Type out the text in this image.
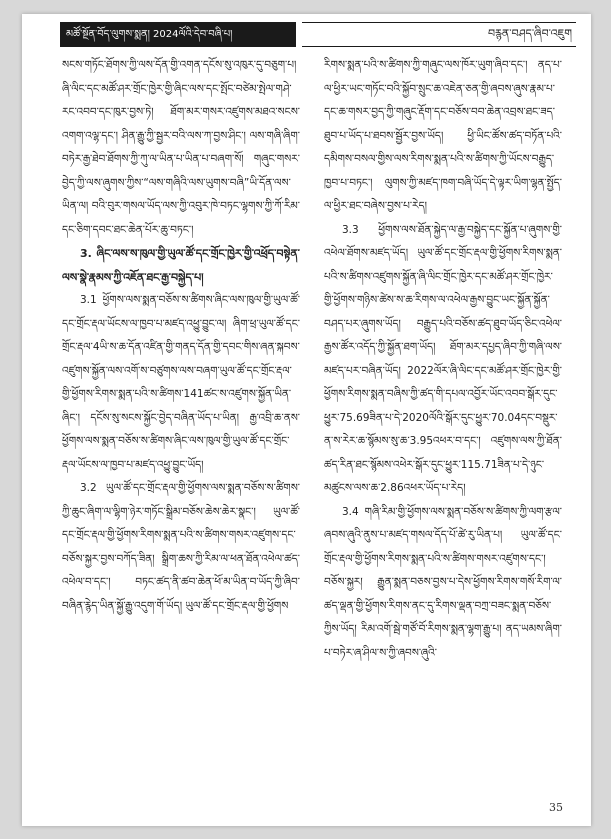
མཚོ་སྔོན་བོད་ལུགས་སྨན། 2024ལོའི་དེབ་བཞི་པ།	བརྙན་བཤད་ཞིབ་འཇུག

སངས་གཏོང་ཐོགས་ཀྱི་ལས་དོན་གྱི་འགན་དངོས་སུ་འཁུར་དུ་བཅུག་པ། ཞི་ལིང་དང་མཚོ་ཤར་གྲོང་ཁྱེར་གྱི་ཞིང་ལས་དང་སྤོང་བཙེམ་སྤེལ་གཤེ་རང་འབབ་དང་ཁུར་བྱས་ཏེ། ཐོག་མར་གསར་འཛུགས་མཐའ་སངས་འགག་འལྷ་དང་། ཤིན་རྒྱུ་ཀྱི་སྦྱར་བའི་ལས་ཀ་བྱས་ཤིང་། ལས་གཞི་ཞིག་བཏེར་རྒྱ་ཐེབ་ཐོགས་ཀྱི་ཀུ་ལ་ཡིན་པ་ཡིན་པ་བཞག་སོ། གཞུང་གསར་བྱེད་ཀྱི་ལས་ཞུགས་ཀྱིས་“ལས་གཞིའི་ལས་ཡུགས་བཞི”ཡི་དོན་ལས་ཡིན་ལ། བའི་བུར་གསལ་ཡོད་ལས་ཀྱི་འབུར་ཁེ་བཏང་ལྷགས་ཀྱི་ཀོ་རིམ་དང་ཅིག་དབང་ཐང་ཆེན་པོར་ཆུ་བཏང་།

3. ཞིང་ལས་ས་ཁུལ་གྱི་ཡུལ་ཚོ་དང་གྲོང་ཁྱེར་གྱི་འཕྲོད་བསྟེན་ལས་སྣེ་རྣམས་ཀྱི་འཇོན་ཐང་རྒྱ་བསྐྱེད་པ།

3.1 ཕྱོགས་ལས་སྨན་བཅོས་ས་ཚིགས་ཞིང་ལས་ཁུལ་གྱི་ཡུལ་ཚོ་དང་གྲོང་རྡལ་ཡོངས་ལ་ཁྱབ་པ་མཛད་འཕྱུ་བྱུང་ལ། ཞིག་ཕྲ་ཡུལ་ཚོ་དང་གྲོང་རྡལ་4ཡི་ས་ཆ་དོན་འཛིན་གྱི་གནད་དོན་གྱི་དབང་གིས་ཞན་སྐབས་འཛུགས་སྐྱོན་ལས་འགོ་ས་བཙུགས་ལས་བཞག་ཡུལ་ཚོ་དང་གྲོང་རྡལ་གྱི་ཕྱོགས་རིགས་སྨན་པའི་ས་ཚིགས་141ཚང་ས་འཛུགས་སྐྱོན་ཡིན་ཞིང་། དངོས་སུ་སངས་སྐྱོང་བྱེད་བཞིན་ཡོད་པ་ཡིན། རྒྱ་འབྲི་ཆ་ནས་ཕྱོགས་ལས་སྨན་བཅོས་ས་ཚིགས་ཞིང་ལས་ཁུལ་གྱི་ཡུལ་ཚོ་དང་གྲོང་རྡལ་ཡོངས་ལ་ཁྱབ་པ་མཛད་འཕྱུ་བྱུང་ཡོད།

3.2 ཡུལ་ཚོ་དང་གྲོང་རྡལ་གྱི་ཕྱོགས་ལས་སྨན་བཅོས་ས་ཚིགས་ཀྱི་ཆུང་ཞིག་ལ་ལྷིག་ཉེར་གཏོང་སྒྲིམ་བཅོས་ཆེས་ཆེར་སྣང་། ཡུལ་ཚོ་དང་གྲོང་རྡལ་གྱི་ཕྱོགས་རིགས་སྨན་པའི་ས་ཚིགས་གསར་འཛུགས་དང་བཅོས་སྐྱར་བྱས་བཀོད་ཟིན། སྒྲིག་ཆས་ཀྱི་རིམ་ལ་ཕན་ཐོན་འཕེལ་ཚད་འཕེལ་བ་དང་། བཏང་ཚད་ནི་ཚབ་ཆེན་ཕོ་མ་ཡིན་བ་ཡོད་ཀྱི་ཞིབ་བཞིན་རྙེད་ཡིན་སྐྱོ་རྒྱུ་འདུག་གོ་ཡོད། ཡུལ་ཚོ་དང་གྲོང་རྡལ་གྱི་ཕྱོགས

རིགས་སྨན་པའི་ས་ཚིགས་ཀྱི་གཞུང་ལས་ཁོར་ཡུག་ཞིབ་དང་། ནད་པ་ལ་ཕྱིར་ཡང་གཏོང་བའི་སྐྱོབ་སྲུང་ཆ་འཇེན་ཅན་གྱི་ཞབས་ཞུས་རྣམ་པ་དང་ཆ་གསར་བྱད་ཀྱི་གཞུང་རྡོག་དང་བཅོས་བབ་ཆེན་འབྲས་ཐང་ཟད་ཐུབ་པ་ཡོད་པ་ཐབས་སྦྱོར་བྱས་ཡོད། ཕྱི་ཡིང་ཚོས་ཚད་བཏོན་པའི་དམིགས་བསལ་གྱིས་ལས་རིགས་སྨན་པའི་ས་ཚིགས་ཀྱི་ཡོངས་བརྒྱུད་ཁྱབ་པ་བཏང་། ལུགས་ཀྱི་མཛད་ཁག་བཞི་ཡོད་དེ་ལྟར་ཡིག་ལྷན་སྤྱོད་ལ་ཕྱིར་ཐང་བཞེས་བྱས་པ་རེད།

3.3 ཕྱོགས་ལས་ཐོན་སྐྱེད་ལ་རྒྱ་བསྐྱེད་དང་སྐྱོན་པ་ཞུགས་གྱི་འཕེལ་ཐོགས་མཛད་ཡོད། ཡུལ་ཚོ་དང་གྲོང་རྡལ་གྱི་ཕྱོགས་རིགས་སྨན་པའི་ས་ཚིགས་འཛུགས་སྐྱོན་ཞི་ལིང་གྲོང་ཁྱེར་དང་མཚོ་ཤར་གྲོང་ཁྱེར་གྱི་ཕྱོགས་གཉིས་ཚེས་ས་ཆ་རིགས་ལ་འཕེལ་རྒྱས་བྱུང་ཡང་སྐྱོན་སྐྱོན་བཤད་པར་ཞུགས་ཡོད། བརྒྱུད་པའི་བཅོས་ཚད་ཐུབ་ཡོད་ཅིང་འཕེལ་རྒྱས་ཚོར་འདོད་ཀྱི་སྐྱོན་ཐག་ཡོད། ཐོག་མར་དཔྱད་ཞིབ་ཀྱི་གཞི་ལས་མཛད་པར་བཞིན་ཡོད། 2022ལོར་ཞི་ལིང་དང་མཚོ་ཤར་གྲོང་ཁྱེར་གྱི་ཕྱོགས་རིགས་སྨན་བཞིས་ཀྱི་ཚད་གི་དཔལ་འབྱོར་ཡོང་འབབ་སྒོར་དུང་ཕྱུར་75.69ཟིན་པ་དེ་2020ལོའི་སྒོར་དུང་ཕྱུར་70.04དང་བསྡུར་ན་ས་རེར་ཆ་སྙོམས་སུ་ཆ་3.95འཕར་བ་དང་། འཛུགས་ལས་ཀྱི་ཐོན་ཚད་རིན་ཐང་སྙོམས་འཕེར་སྒོར་དུང་ཕྱུར་115.71ཟིན་པ་དེ་ཉུང་མཚུངས་ལས་ཆ་2.86འཕར་ཡོད་པ་རེད།

3.4 གཞི་རིམ་གྱི་ཕྱོགས་ལས་སྨན་བཅོས་ས་ཚིགས་ཀྱི་ལག་རྩལ་ཞབས་ཞུའི་ནུས་པ་མཛད་གསལ་དོད་པོ་ཚེ་རུ་ཡིན་པ། ཡུལ་ཚོ་དང་གྲོང་རྡལ་གྱི་ཕྱོགས་རིགས་སྨན་པའི་ས་ཚིགས་གསར་འཛུགས་དང་། བཅོས་སྐྱར། རྒྱུན་སྨན་བཅས་བྱས་པ་དེས་ཕྱོགས་རིགས་གསོ་རིག་ལ་ཚད་ལྡན་གྱི་ཕྱོགས་རིགས་ནང་དུ་རིགས་ལྡན་བཀྲ་བཟང་སྨན་བཅོས་ཀྱིས་ཡོད། རིམ་འགོ་སྦེ་གཙོ་བོ་རིགས་སྨན་ལྷག་རྒྱུ་པ། ནད་ཡམས་ཞིག་པ་བཏེར་ཞ་ཤིལ་ས་ཀྱི་ཞབས་ཞུའི་

35
